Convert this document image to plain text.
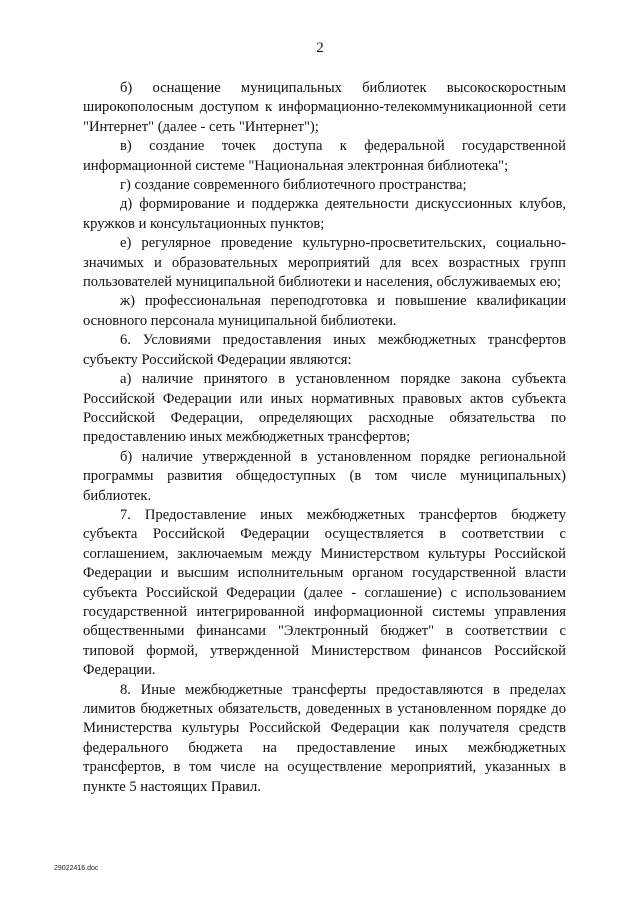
2

б) оснащение муниципальных библиотек высокоскоростным широкополосным доступом к информационно-телекоммуникационной сети "Интернет" (далее - сеть "Интернет");

в) создание точек доступа к федеральной государственной информационной системе "Национальная электронная библиотека";

г) создание современного библиотечного пространства;

д) формирование и поддержка деятельности дискуссионных клубов, кружков и консультационных пунктов;

е) регулярное проведение культурно-просветительских, социально-значимых и образовательных мероприятий для всех возрастных групп пользователей муниципальной библиотеки и населения, обслуживаемых ею;

ж) профессиональная переподготовка и повышение квалификации основного персонала муниципальной библиотеки.

6. Условиями предоставления иных межбюджетных трансфертов субъекту Российской Федерации являются:

а) наличие принятого в установленном порядке закона субъекта Российской Федерации или иных нормативных правовых актов субъекта Российской Федерации, определяющих расходные обязательства по предоставлению иных межбюджетных трансфертов;

б) наличие утвержденной в установленном порядке региональной программы развития общедоступных (в том числе муниципальных) библиотек.

7. Предоставление иных межбюджетных трансфертов бюджету субъекта Российской Федерации осуществляется в соответствии с соглашением, заключаемым между Министерством культуры Российской Федерации и высшим исполнительным органом государственной власти субъекта Российской Федерации (далее - соглашение) с использованием государственной интегрированной информационной системы управления общественными финансами "Электронный бюджет" в соответствии с типовой формой, утвержденной Министерством финансов Российской Федерации.

8. Иные межбюджетные трансферты предоставляются в пределах лимитов бюджетных обязательств, доведенных в установленном порядке до Министерства культуры Российской Федерации как получателя средств федерального бюджета на предоставление иных межбюджетных трансфертов, в том числе на осуществление мероприятий, указанных в пункте 5 настоящих Правил.

29022416.doc
